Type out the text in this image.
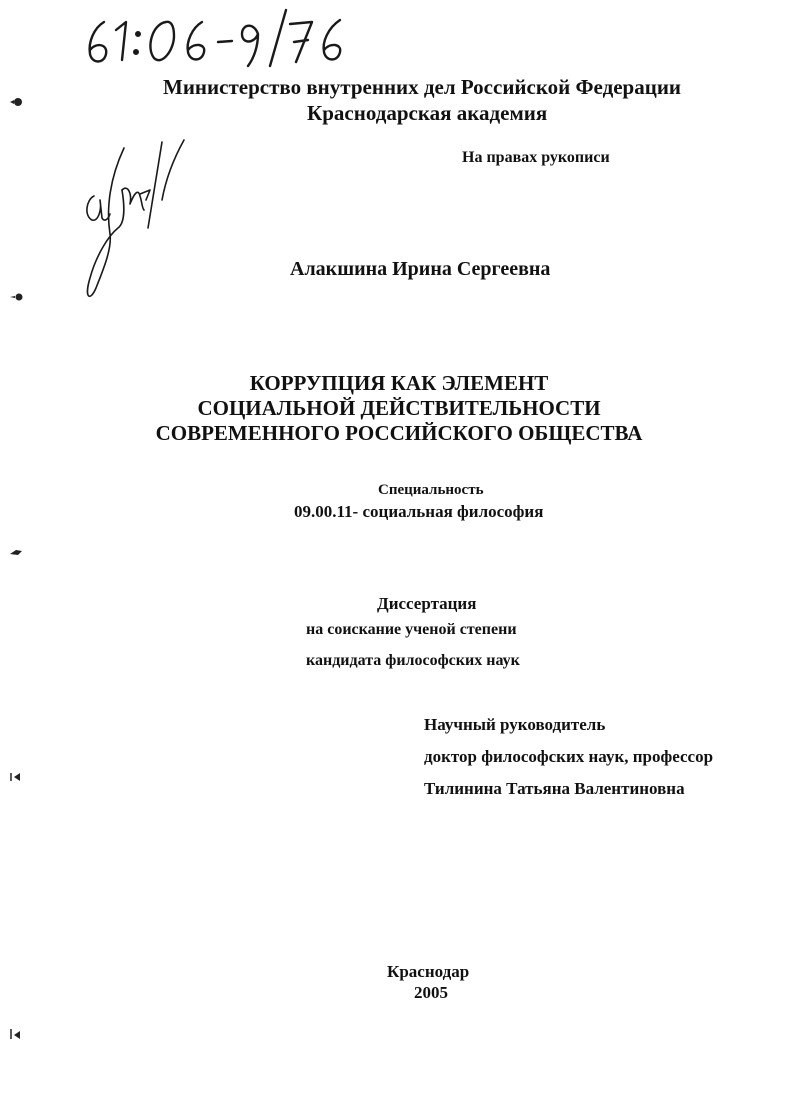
Министерство внутренних дел Российской Федерации
Краснодарская академия
На правах рукописи
Алакшина Ирина Сергеевна
КОРРУПЦИЯ КАК ЭЛЕМЕНТ
СОЦИАЛЬНОЙ ДЕЙСТВИТЕЛЬНОСТИ
СОВРЕМЕННОГО РОССИЙСКОГО ОБЩЕСТВА
Специальность
09.00.11- социальная философия
Диссертация
на соискание ученой степени
кандидата философских наук
Научный руководитель
доктор философских наук, профессор
Тилинина Татьяна Валентиновна
Краснодар
2005
